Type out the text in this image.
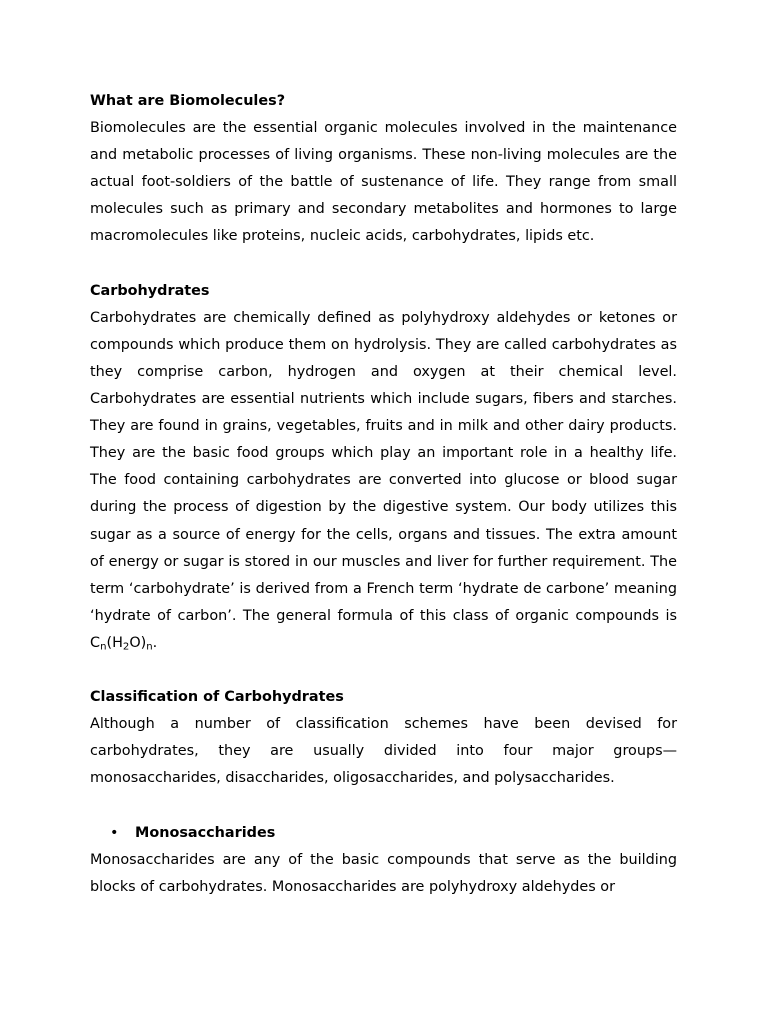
What are Biomolecules?

Biomolecules are the essential organic molecules involved in the maintenance and metabolic processes of living organisms. These non-living molecules are the actual foot-soldiers of the battle of sustenance of life. They range from small molecules such as primary and secondary metabolites and hormones to large macromolecules like proteins, nucleic acids, carbohydrates, lipids etc.

Carbohydrates

Carbohydrates are chemically defined as polyhydroxy aldehydes or ketones or compounds which produce them on hydrolysis. They are called carbohydrates as they comprise carbon, hydrogen and oxygen at their chemical level. Carbohydrates are essential nutrients which include sugars, fibers and starches. They are found in grains, vegetables, fruits and in milk and other dairy products. They are the basic food groups which play an important role in a healthy life. The food containing carbohydrates are converted into glucose or blood sugar during the process of digestion by the digestive system. Our body utilizes this sugar as a source of energy for the cells, organs and tissues. The extra amount of energy or sugar is stored in our muscles and liver for further requirement. The term ‘carbohydrate’ is derived from a French term ‘hydrate de carbone’ meaning ‘hydrate of carbon’. The general formula of this class of organic compounds is $C_n(H_2O)_n$.

Classification of Carbohydrates

Although a number of classification schemes have been devised for carbohydrates, they are usually divided into four major groups—monosaccharides, disaccharides, oligosaccharides, and polysaccharides.

•	Monosaccharides

Monosaccharides are any of the basic compounds that serve as the building blocks of carbohydrates. Monosaccharides are polyhydroxy aldehydes or
